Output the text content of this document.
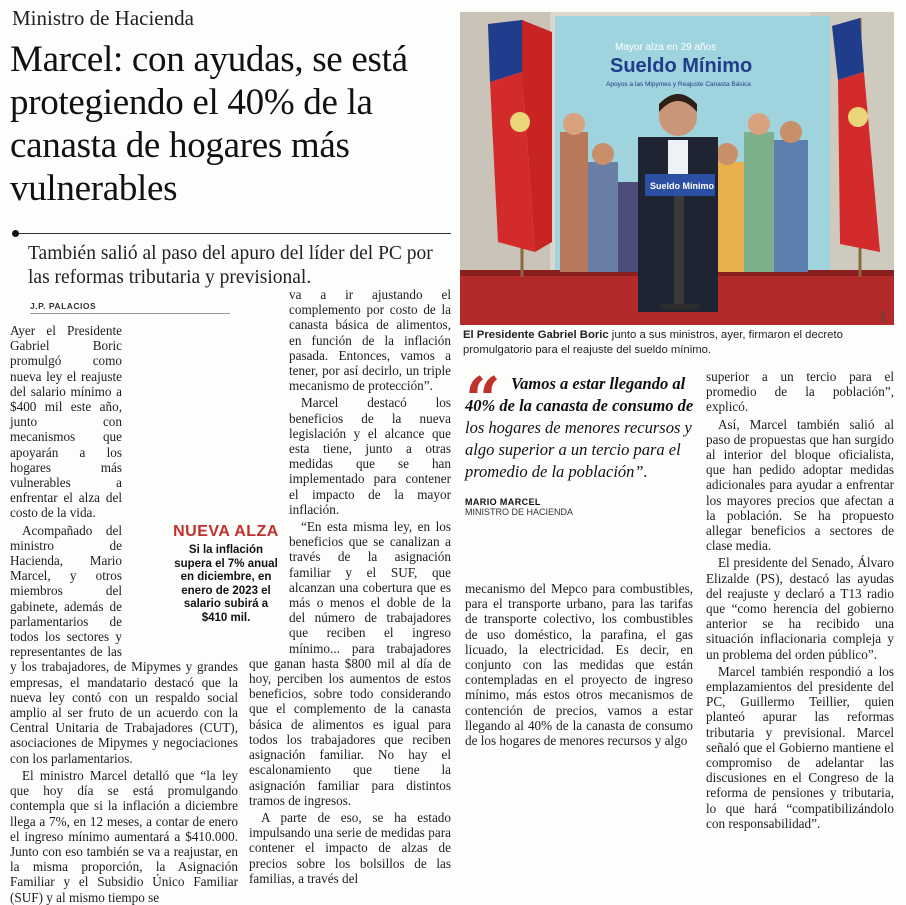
Ministro de Hacienda
Marcel: con ayudas, se está protegiendo el 40% de la canasta de hogares más vulnerables
También salió al paso del apuro del líder del PC por las reformas tributaria y previsional.
J.P. PALACIOS

Ayer el Presidente Gabriel Boric promulgó como nueva ley el reajuste del salario mínimo a $400 mil este año, junto con mecanismos que apoyarán a los hogares más vulnerables a enfrentar el alza del costo de la vida.

Acompañado del ministro de Hacienda, Mario Marcel, y otros miembros del gabinete, además de parlamentarios de todos los sectores y representantes de las y los trabajadores, de Mipymes y grandes empresas, el mandatario destacó que la nueva ley contó con un respaldo social amplio al ser fruto de un acuerdo con la Central Unitaria de Trabajadores (CUT), asociaciones de Mipymes y negociaciones con los parlamentarios.

El ministro Marcel detalló que “la ley que hoy día se está promulgando contempla que si la inflación a diciembre llega a 7%, en 12 meses, a contar de enero el ingreso mínimo aumentará a $410.000. Junto con eso también se va a reajustar, en la misma proporción, la Asignación Familiar y el Subsidio Único Familiar (SUF) y al mismo tiempo se

va a ir ajustando el complemento por costo de la canasta básica de alimentos, en función de la inflación pasada. Entonces, vamos a tener, por así decirlo, un triple mecanismo de protección”.

Marcel destacó los beneficios de la nueva legislación y el alcance que esta tiene, junto a otras medidas que se han implementado para contener el impacto de la mayor inflación.

“En esta misma ley, en los beneficios que se canalizan a través de la asignación familiar y el SUF, que alcanzan una cobertura que es más o menos el doble de la del número de trabajadores que reciben el ingreso mínimo... para trabajadores que ganan hasta $800 mil al día de hoy, perciben los aumentos de estos beneficios, sobre todo considerando que el complemento de la canasta básica de alimentos es igual para todos los trabajadores que reciben asignación familiar. No hay el escalonamiento que tiene la asignación familiar para distintos tramos de ingresos.

A parte de eso, se ha estado impulsando una serie de medidas para contener el impacto de alzas de precios sobre los bolsillos de las familias, a través del

NUEVA ALZA
Si la inflación supera el 7% anual en diciembre, en enero de 2023 el salario subirá a $410 mil.
Mayor alza en 29 años
Sueldo Mínimo
Apoyos a las Mipymes y Reajuste Canasta Básica
Sueldo Mínimo
EFE
El Presidente Gabriel Boric junto a sus ministros, ayer, firmaron el decreto promulgatorio para el reajuste del sueldo mínimo.
“ Vamos a estar llegando al 40% de la canasta de consumo de los hogares de menores recursos y algo superior a un tercio para el promedio de la población”.
MARIO MARCEL
MINISTRO DE HACIENDA

mecanismo del Mepco para combustibles, para el transporte urbano, para las tarifas de transporte colectivo, los combustibles de uso doméstico, la parafina, el gas licuado, la electricidad. Es decir, en conjunto con las medidas que están contempladas en el proyecto de ingreso mínimo, más estos otros mecanismos de contención de precios, vamos a estar llegando al 40% de la canasta de consumo de los hogares de menores recursos y algo

superior a un tercio para el promedio de la población”, explicó.

Así, Marcel también salió al paso de propuestas que han surgido al interior del bloque oficialista, que han pedido adoptar medidas adicionales para ayudar a enfrentar los mayores precios que afectan a la población. Se ha propuesto allegar beneficios a sectores de clase media.

El presidente del Senado, Álvaro Elizalde (PS), destacó las ayudas del reajuste y declaró a T13 radio que “como herencia del gobierno anterior se ha recibido una situación inflacionaria compleja y un problema del orden público”.

Marcel también respondió a los emplazamientos del presidente del PC, Guillermo Teillier, quien planteó apurar las reformas tributaria y previsional. Marcel señaló que el Gobierno mantiene el compromiso de adelantar las discusiones en el Congreso de la reforma de pensiones y tributaria, lo que hará “compatibilizándolo con responsabilidad”.
